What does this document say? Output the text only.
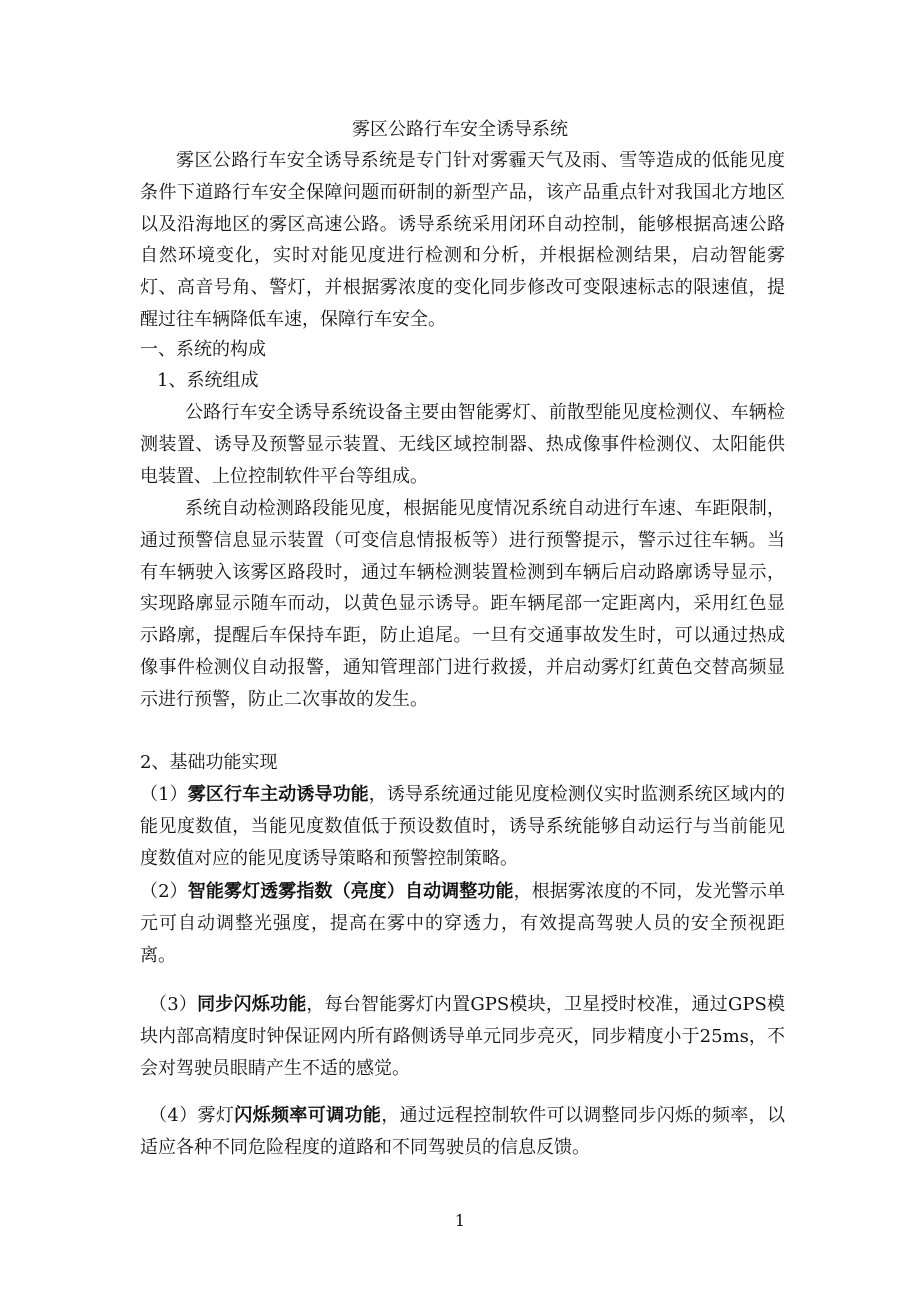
雾区公路行车安全诱导系统

雾区公路行车安全诱导系统是专门针对雾霾天气及雨、雪等造成的低能见度条件下道路行车安全保障问题而研制的新型产品，该产品重点针对我国北方地区以及沿海地区的雾区高速公路。诱导系统采用闭环自动控制，能够根据高速公路自然环境变化，实时对能见度进行检测和分析，并根据检测结果，启动智能雾灯、高音号角、警灯，并根据雾浓度的变化同步修改可变限速标志的限速值，提醒过往车辆降低车速，保障行车安全。

一、系统的构成

1、系统组成

公路行车安全诱导系统设备主要由智能雾灯、前散型能见度检测仪、车辆检测装置、诱导及预警显示装置、无线区域控制器、热成像事件检测仪、太阳能供电装置、上位控制软件平台等组成。

系统自动检测路段能见度，根据能见度情况系统自动进行车速、车距限制，通过预警信息显示装置（可变信息情报板等）进行预警提示，警示过往车辆。当有车辆驶入该雾区路段时，通过车辆检测装置检测到车辆后启动路廓诱导显示，实现路廓显示随车而动，以黄色显示诱导。距车辆尾部一定距离内，采用红色显示路廓，提醒后车保持车距，防止追尾。一旦有交通事故发生时，可以通过热成像事件检测仪自动报警，通知管理部门进行救援，并启动雾灯红黄色交替高频显示进行预警，防止二次事故的发生。

2、基础功能实现

（1）雾区行车主动诱导功能，诱导系统通过能见度检测仪实时监测系统区域内的能见度数值，当能见度数值低于预设数值时，诱导系统能够自动运行与当前能见度数值对应的能见度诱导策略和预警控制策略。

（2）智能雾灯透雾指数（亮度）自动调整功能，根据雾浓度的不同，发光警示单元可自动调整光强度，提高在雾中的穿透力，有效提高驾驶人员的安全预视距离。

（3）同步闪烁功能，每台智能雾灯内置GPS模块，卫星授时校准，通过GPS模块内部高精度时钟保证网内所有路侧诱导单元同步亮灭，同步精度小于25ms，不会对驾驶员眼睛产生不适的感觉。

（4）雾灯闪烁频率可调功能，通过远程控制软件可以调整同步闪烁的频率，以适应各种不同危险程度的道路和不同驾驶员的信息反馈。

1
